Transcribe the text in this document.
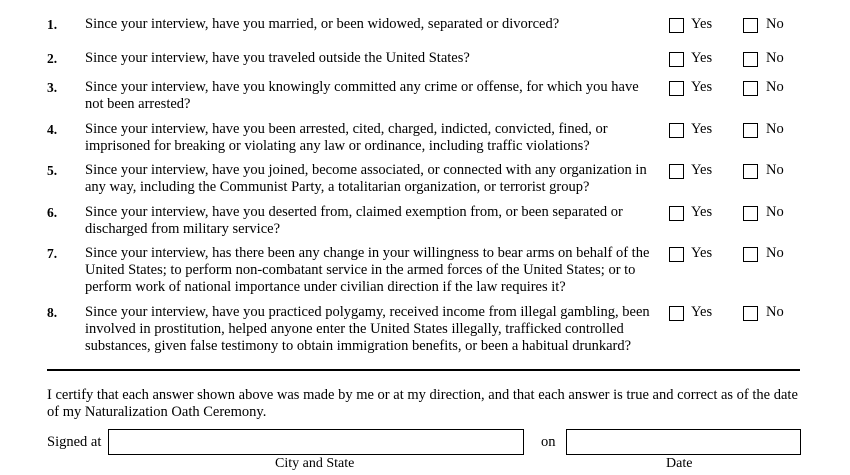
1. Since your interview, have you married, or been widowed, separated or divorced?	Yes	No
2. Since your interview, have you traveled outside the United States?	Yes	No
3. Since your interview, have you knowingly committed any crime or offense, for which you have not been arrested?
Yes	No
4. Since your interview, have you been arrested, cited, charged, indicted, convicted, fined, or imprisoned for breaking or violating any law or ordinance, including traffic violations?
Yes	No
5. Since your interview, have you joined, become associated, or connected with any organization in any way, including the Communist Party, a totalitarian organization, or terrorist group?
Yes	No
6. Since your interview, have you deserted from, claimed exemption from, or been separated or discharged from military service?
Yes	No
7. Since your interview, has there been any change in your willingness to bear arms on behalf of the United States; to perform non-combatant service in the armed forces of the United States; or to perform work of national importance under civilian direction if the law requires it?
Yes	No
8. Since your interview, have you practiced polygamy, received income from illegal gambling, been involved in prostitution, helped anyone enter the United States illegally, trafficked controlled substances, given false testimony to obtain immigration benefits, or been a habitual drunkard?
Yes	No
I certify that each answer shown above was made by me or at my direction, and that each answer is true and correct as of the date of my Naturalization Oath Ceremony.
Signed at	on
City and State	Date
